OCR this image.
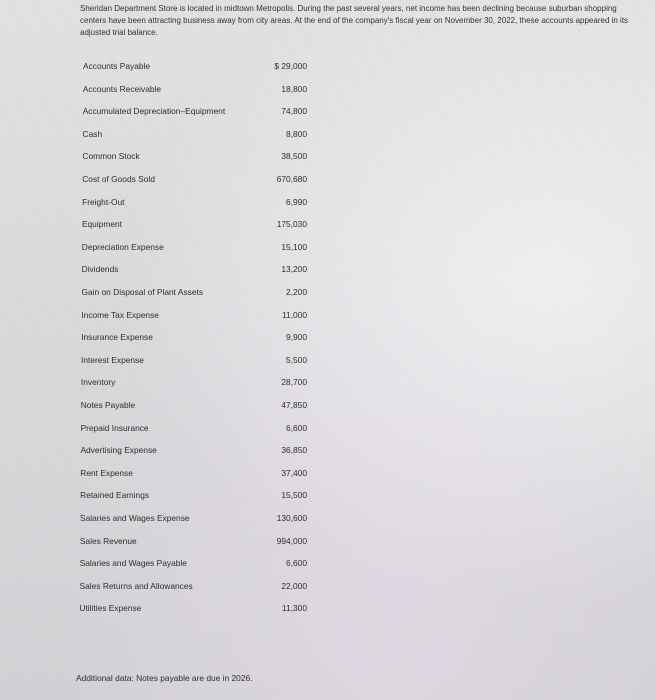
Sheridan Department Store is located in midtown Metropolis. During the past several years, net income has been declining because suburban shopping centers have been attracting business away from city areas. At the end of the company's fiscal year on November 30, 2022, these accounts appeared in its adjusted trial balance.
Accounts Payable	$ 29,000
Accounts Receivable	18,800
Accumulated Depreciation–Equipment	74,800
Cash	8,800
Common Stock	38,500
Cost of Goods Sold	670,680
Freight-Out	6,990
Equipment	175,030
Depreciation Expense	15,100
Dividends	13,200
Gain on Disposal of Plant Assets	2,200
Income Tax Expense	11,000
Insurance Expense	9,900
Interest Expense	5,500
Inventory	28,700
Notes Payable	47,850
Prepaid Insurance	6,600
Advertising Expense	36,850
Rent Expense	37,400
Retained Earnings	15,500
Salaries and Wages Expense	130,600
Sales Revenue	994,000
Salaries and Wages Payable	6,600
Sales Returns and Allowances	22,000
Utilities Expense	11,300
Additional data: Notes payable are due in 2026.
